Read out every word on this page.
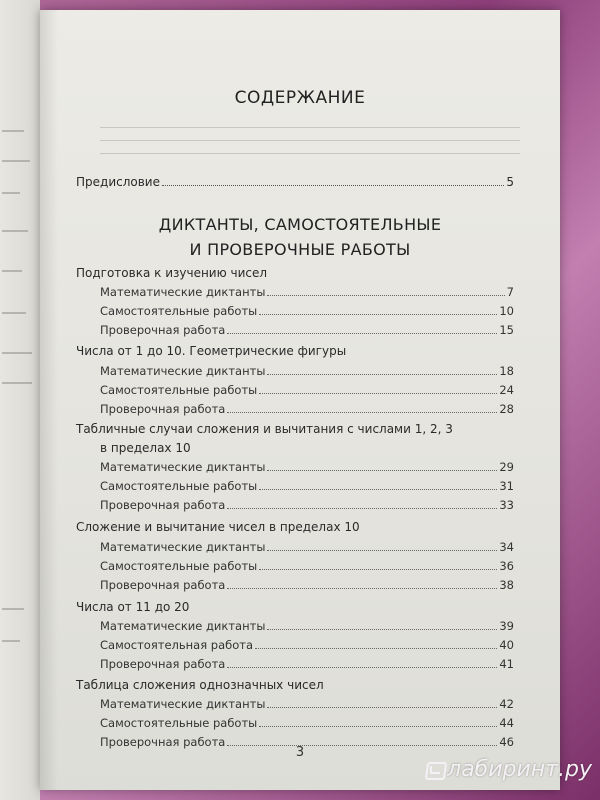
СОДЕРЖАНИЕ
Предисловие	5
ДИКТАНТЫ, САМОСТОЯТЕЛЬНЫЕ
И ПРОВЕРОЧНЫЕ РАБОТЫ
Подготовка к изучению чисел
Математические диктанты	7
Самостоятельные работы	10
Проверочная работа	15
Числа от 1 до 10. Геометрические фигуры
Математические диктанты	18
Самостоятельные работы	24
Проверочная работа	28
Табличные случаи сложения и вычитания с числами 1, 2, 3
в пределах 10
Математические диктанты	29
Самостоятельные работы	31
Проверочная работа	33
Сложение и вычитание чисел в пределах 10
Математические диктанты	34
Самостоятельные работы	36
Проверочная работа	38
Числа от 11 до 20
Математические диктанты	39
Самостоятельная работа	40
Проверочная работа	41
Таблица сложения однозначных чисел
Математические диктанты	42
Самостоятельные работы	44
Проверочная работа	46
3
лабиринт.ру
